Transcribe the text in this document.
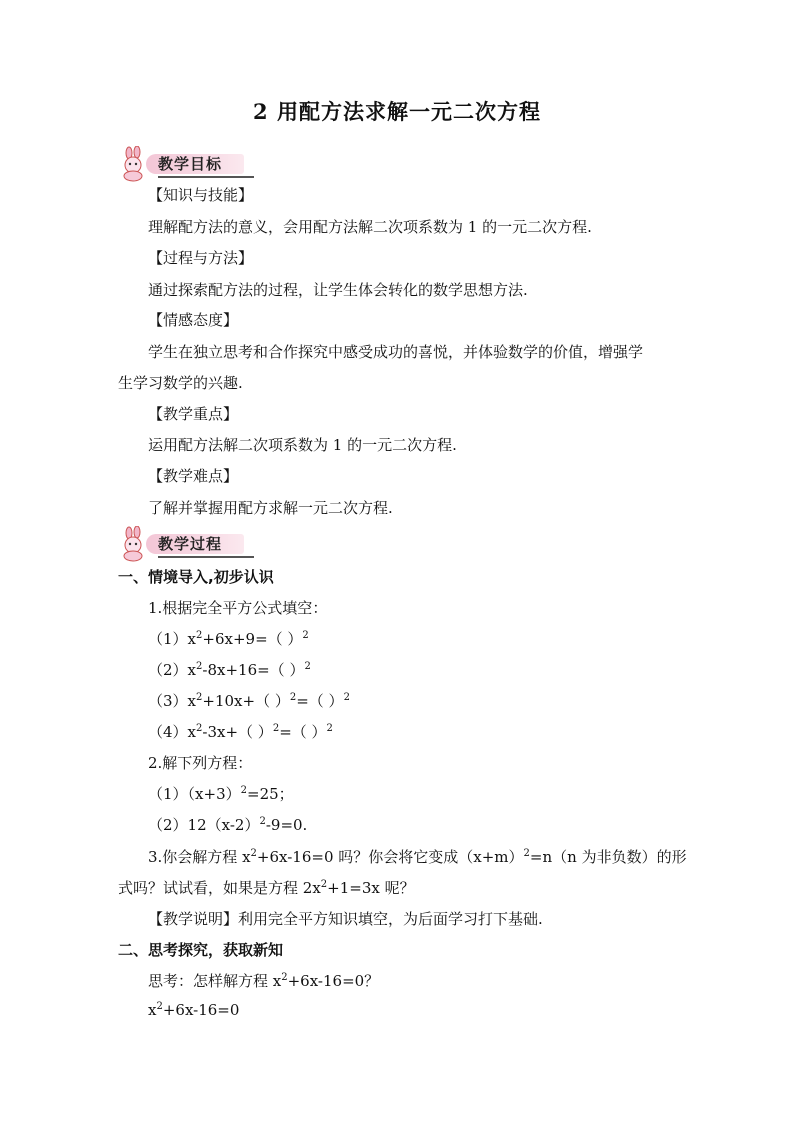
2 用配方法求解一元二次方程
教学目标
【知识与技能】
理解配方法的意义，会用配方法解二次项系数为 1 的一元二次方程.
【过程与方法】
通过探索配方法的过程，让学生体会转化的数学思想方法.
【情感态度】
学生在独立思考和合作探究中感受成功的喜悦，并体验数学的价值，增强学
生学习数学的兴趣.
【教学重点】
运用配方法解二次项系数为 1 的一元二次方程.
【教学难点】
了解并掌握用配方求解一元二次方程.
教学过程
一、情境导入,初步认识
1.根据完全平方公式填空：
$(1)x^2+6x+9=$（ ）$^2$
$(2)x^2-8x+16=$（ ）$^2$
$(3)x^2+10x+$（ ）$^2$=（ ）$^2$
$(4)x^2-3x+$（ ）$^2$=（ ）$^2$
2.解下列方程：
$(1)(x+3)^2=25$；
$(2)12(x-2)^2-9=0$.
3.你会解方程 $x^2+6x-16=0$ 吗？你会将它变成$(x+m)^2=n(n$ 为非负数）的形
式吗？试试看，如果是方程 $2x^2+1=3x$ 呢？
【教学说明】利用完全平方知识填空，为后面学习打下基础.
二、思考探究，获取新知
思考：怎样解方程 $x^2+6x-16=0$？
$x^2+6x-16=0$
